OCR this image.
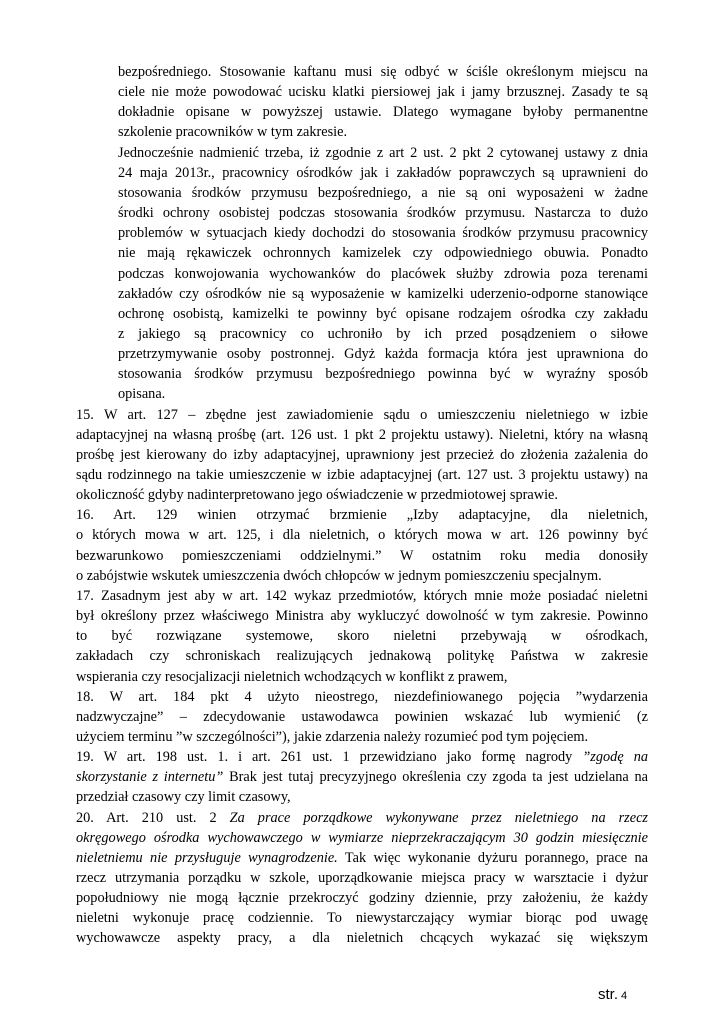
bezpośredniego. Stosowanie kaftanu musi się odbyć w ściśle określonym miejscu na
ciele nie może powodować ucisku klatki piersiowej jak i jamy brzusznej. Zasady te są
dokładnie opisane w powyższej ustawie. Dlatego wymagane byłoby permanentne
szkolenie pracowników w tym zakresie.
Jednocześnie nadmienić trzeba, iż zgodnie z art 2 ust. 2 pkt 2 cytowanej ustawy z dnia
24 maja 2013r., pracownicy ośrodków jak i zakładów poprawczych są uprawnieni do
stosowania środków przymusu bezpośredniego, a nie są oni wyposażeni w żadne
środki ochrony osobistej podczas stosowania środków przymusu. Nastarcza to dużo
problemów w sytuacjach kiedy dochodzi do stosowania środków przymusu pracownicy
nie mają rękawiczek ochronnych kamizelek czy odpowiedniego obuwia. Ponadto
podczas konwojowania wychowanków do placówek służby zdrowia poza terenami
zakładów czy ośrodków nie są wyposażenie w kamizelki uderzenio-odporne stanowiące
ochronę osobistą, kamizelki te powinny być opisane rodzajem ośrodka czy zakładu
z jakiego są pracownicy co uchroniło by ich przed posądzeniem o siłowe
przetrzymywanie osoby postronnej. Gdyż każda formacja która jest uprawniona do
stosowania środków przymusu bezpośredniego powinna być w wyraźny sposób
opisana.
15. W art. 127 – zbędne jest zawiadomienie sądu o umieszczeniu nieletniego w izbie
adaptacyjnej na własną prośbę (art. 126 ust. 1 pkt 2 projektu ustawy). Nieletni, który na własną
prośbę jest kierowany do izby adaptacyjnej, uprawniony jest przecież do złożenia zażalenia do
sądu rodzinnego na takie umieszczenie w izbie adaptacyjnej (art. 127 ust. 3 projektu ustawy) na
okoliczność gdyby nadinterpretowano jego oświadczenie w przedmiotowej sprawie.
16. Art. 129 winien otrzymać brzmienie „Izby adaptacyjne, dla nieletnich,
o których mowa w art. 125, i dla nieletnich, o których mowa w art. 126 powinny być
bezwarunkowo pomieszczeniami oddzielnymi.” W ostatnim roku media donosiły
o zabójstwie wskutek umieszczenia dwóch chłopców w jednym pomieszczeniu specjalnym.
17. Zasadnym jest aby w art. 142 wykaz przedmiotów, których mnie może posiadać nieletni
był określony przez właściwego Ministra aby wykluczyć dowolność w tym zakresie. Powinno
to być rozwiązane systemowe, skoro nieletni przebywają w ośrodkach,
zakładach czy schroniskach realizujących jednakową politykę Państwa w zakresie
wspierania czy resocjalizacji nieletnich wchodzących w konflikt z prawem,
18. W art. 184 pkt 4 użyto nieostrego, niezdefiniowanego pojęcia ”wydarzenia
nadzwyczajne” – zdecydowanie ustawodawca powinien wskazać lub wymienić (z
użyciem terminu ”w szczególności”), jakie zdarzenia należy rozumieć pod tym pojęciem.
19. W art. 198 ust. 1. i art. 261 ust. 1 przewidziano jako formę nagrody ”zgodę na
skorzystanie z internetu” Brak jest tutaj precyzyjnego określenia czy zgoda ta jest udzielana na
przedział czasowy czy limit czasowy,
20. Art. 210 ust. 2 Za prace porządkowe wykonywane przez nieletniego na rzecz
okręgowego ośrodka wychowawczego w wymiarze nieprzekraczającym 30 godzin miesięcznie
nieletniemu nie przysługuje wynagrodzenie. Tak więc wykonanie dyżuru porannego, prace na
rzecz utrzymania porządku w szkole, uporządkowanie miejsca pracy w warsztacie i dyżur
popołudniowy nie mogą łącznie przekroczyć godziny dziennie, przy założeniu, że każdy
nieletni wykonuje pracę codziennie. To niewystarczający wymiar biorąc pod uwagę
wychowawcze aspekty pracy, a dla nieletnich chcących wykazać się większym
str. 4
